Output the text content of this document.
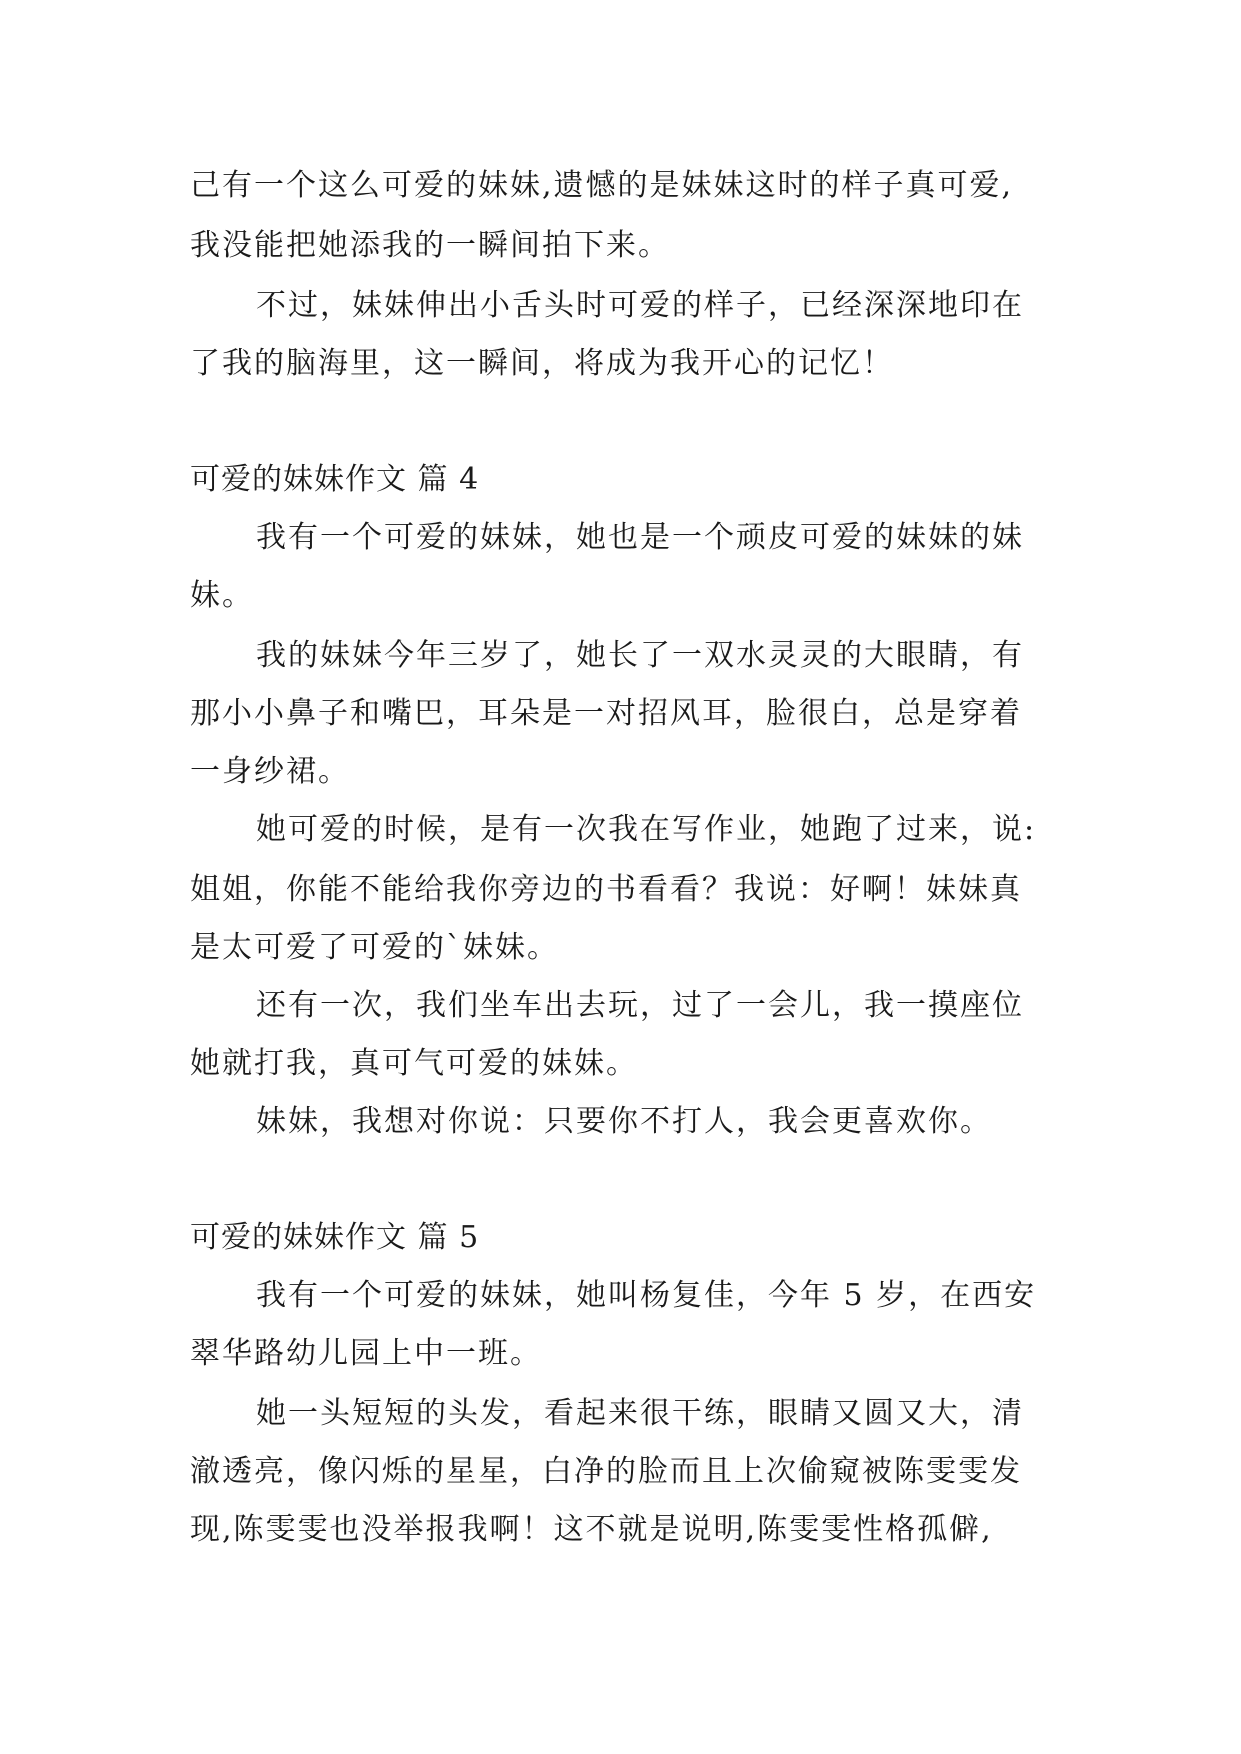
己有一个这么可爱的妹妹,遗憾的是妹妹这时的样子真可爱,
我没能把她添我的一瞬间拍下来。
不过，妹妹伸出小舌头时可爱的样子，已经深深地印在
了我的脑海里，这一瞬间，将成为我开心的记忆！
可爱的妹妹作文 篇 4
我有一个可爱的妹妹，她也是一个顽皮可爱的妹妹的妹
妹。
我的妹妹今年三岁了，她长了一双水灵灵的大眼睛，有
那小小鼻子和嘴巴，耳朵是一对招风耳，脸很白，总是穿着
一身纱裙。
她可爱的时候，是有一次我在写作业，她跑了过来，说:
姐姐，你能不能给我你旁边的书看看？我说：好啊！妹妹真
是太可爱了可爱的`妹妹。
还有一次，我们坐车出去玩，过了一会儿，我一摸座位
她就打我，真可气可爱的妹妹。
妹妹，我想对你说：只要你不打人，我会更喜欢你。
可爱的妹妹作文 篇 5
我有一个可爱的妹妹，她叫杨复佳，今年 5 岁，在西安
翠华路幼儿园上中一班。
她一头短短的头发，看起来很干练，眼睛又圆又大，清
澈透亮，像闪烁的星星，白净的脸而且上次偷窥被陈雯雯发
现,陈雯雯也没举报我啊！这不就是说明,陈雯雯性格孤僻,
